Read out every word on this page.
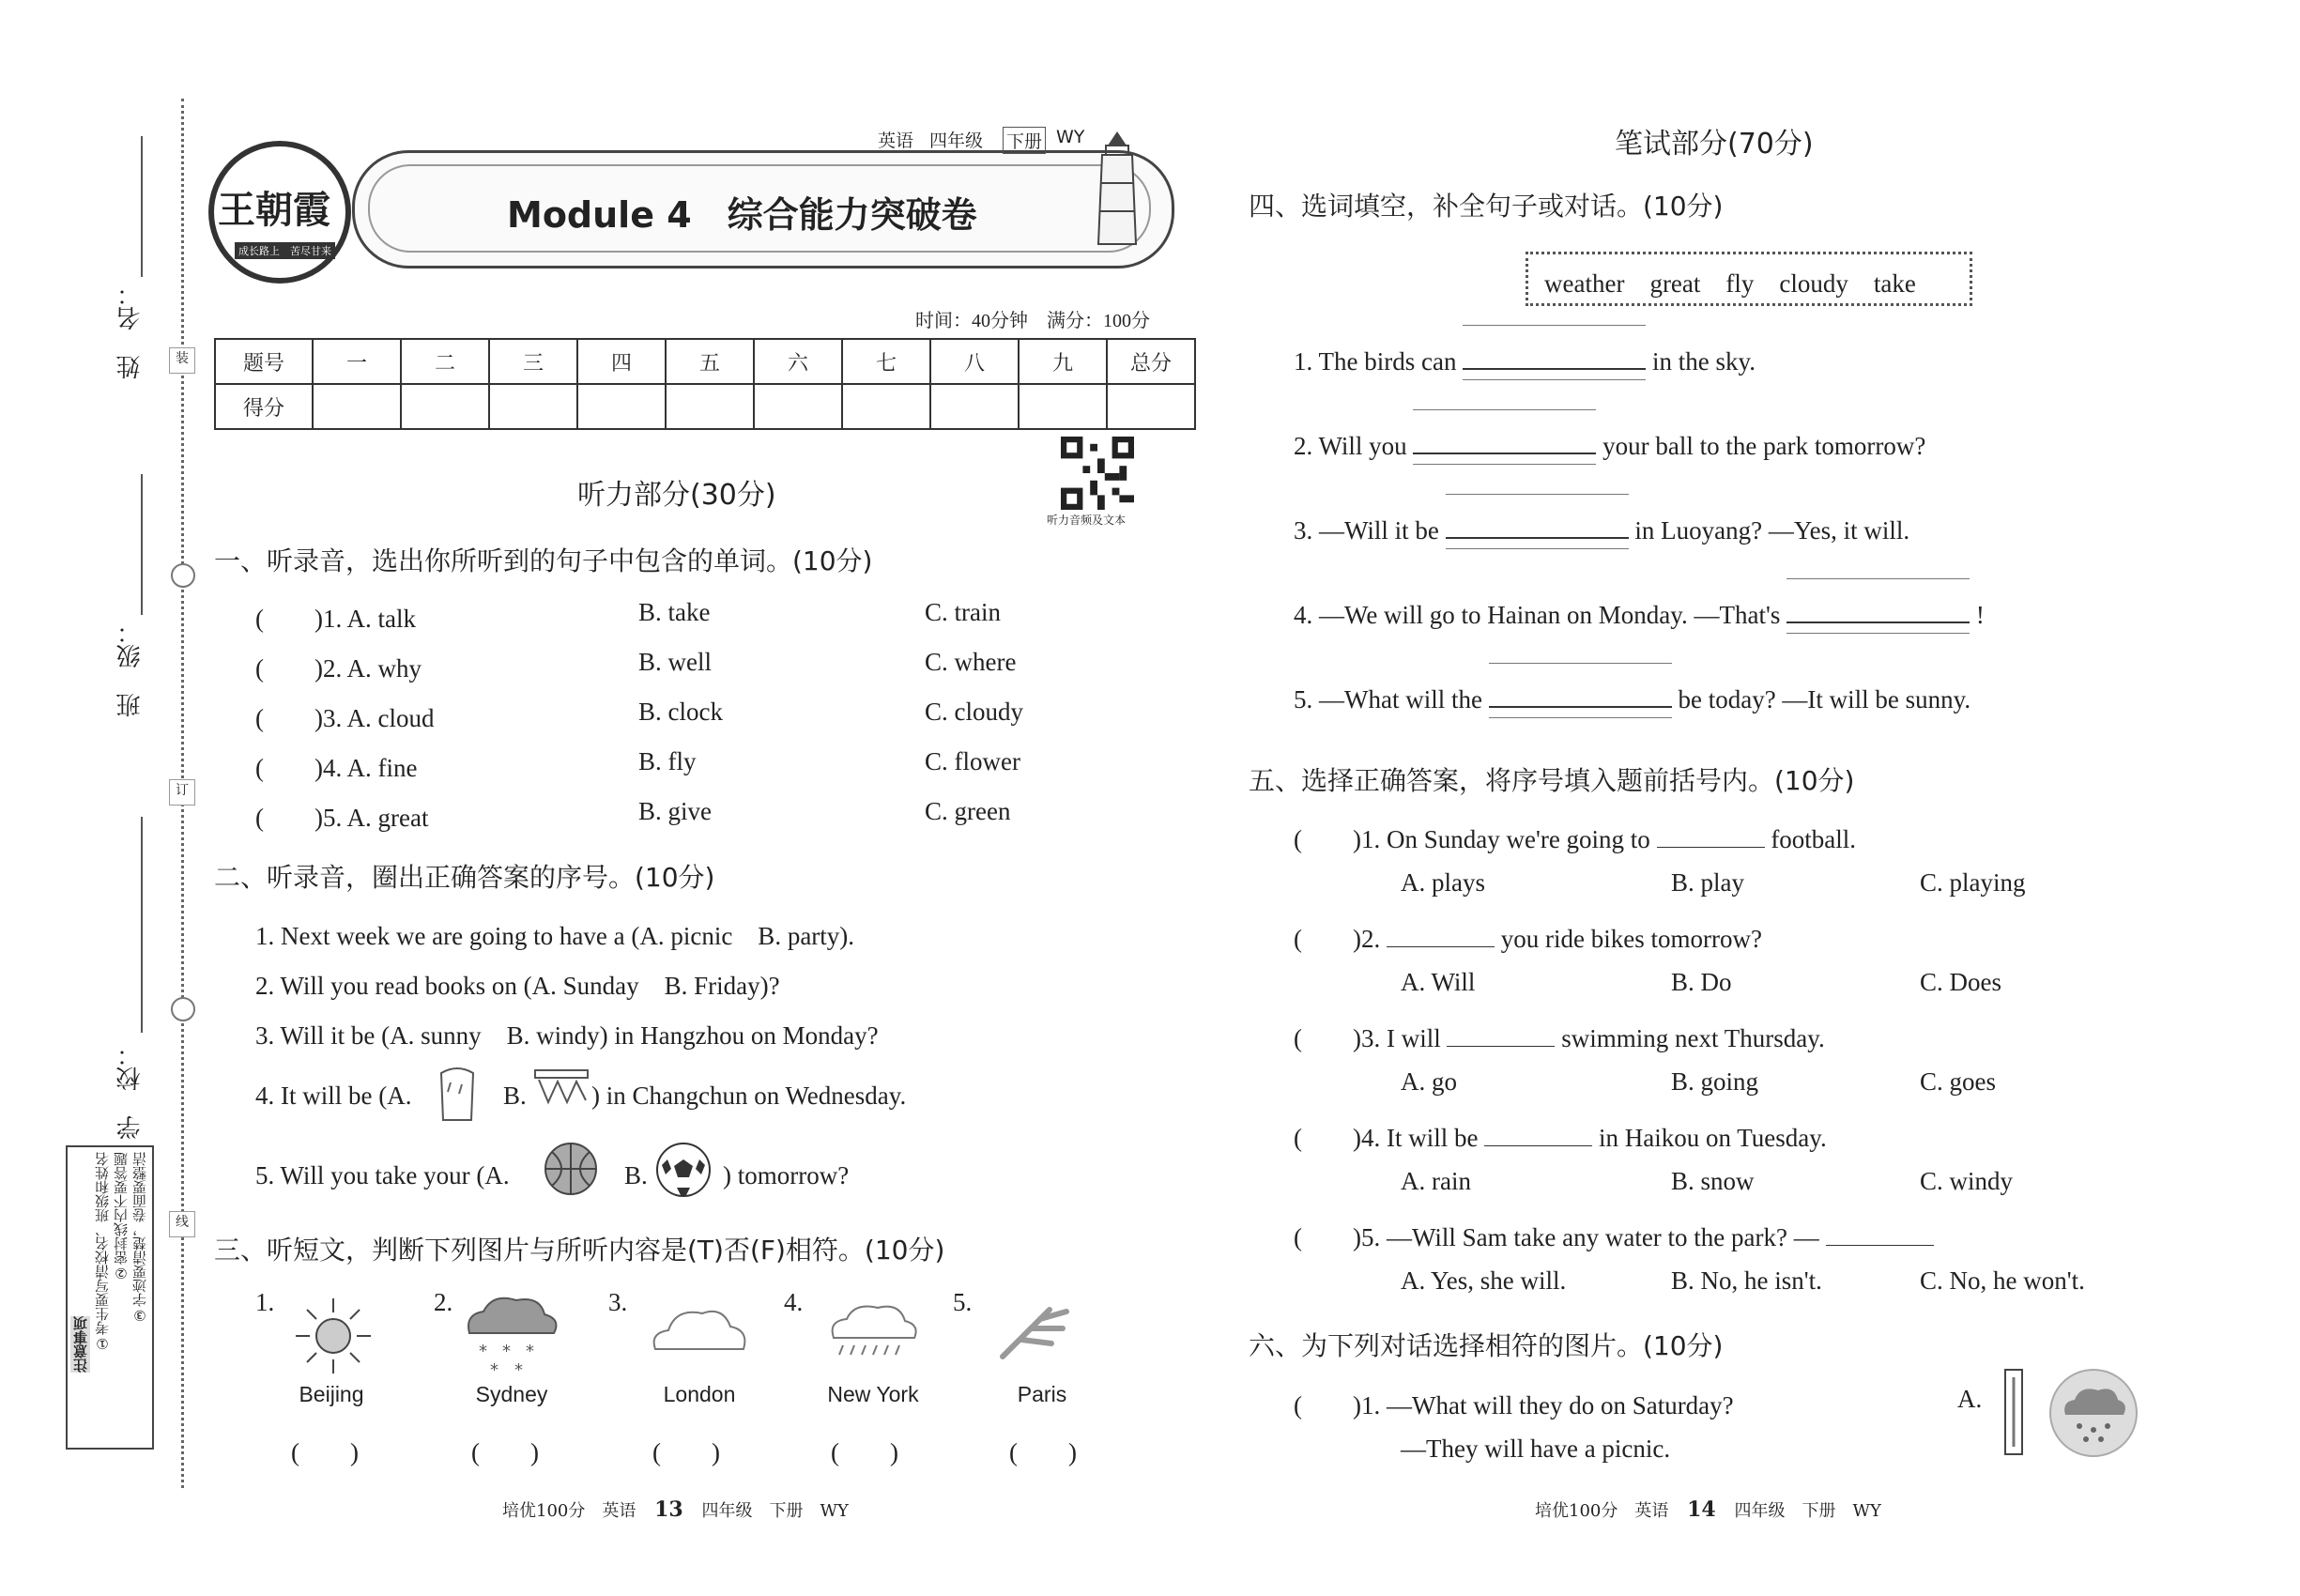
姓　名：
班　级：
学　校：
装
订
线
注意事项 ①考生要写清校名、班级和姓名 ②密封线内不要答题 ③字迹要清楚，卷面要整洁
王朝霞
成长路上　苦尽甘来
英语 四年级 下册 WY
Module 4　综合能力突破卷
时间：40分钟　满分：100分
题号	一	二	三	四	五	六	七	八	九	总分
得分										
听力部分(30分)
听力音频及文本
一、听录音，选出你所听到的句子中包含的单词。(10分)
(　　)1. A. talk	B. take	C. train
(　　)2. A. why	B. well	C. where
(　　)3. A. cloud	B. clock	C. cloudy
(　　)4. A. fine	B. fly	C. flower
(　　)5. A. great	B. give	C. green
二、听录音，圈出正确答案的序号。(10分)
1. Next week we are going to have a (A. picnic　B. party).
2. Will you read books on (A. Sunday　B. Friday)?
3. Will it be (A. sunny　B. windy) in Hangzhou on Monday?
4. It will be (A.	B.	) in Changchun on Wednesday.
5. Will you take your (A.	B.	) tomorrow?
三、听短文，判断下列图片与所听内容是(T)否(F)相符。(10分)
1.
Beijing
(　　)
2.
* * *
* *
Sydney
(　　)
3.
London
(　　)
4.
New York
(　　)
5.
Paris
(　　)
笔试部分(70分)
四、选词填空，补全句子或对话。(10分)
weather　great　fly　cloudy　take
1. The birds can	in the sky.
2. Will you	your ball to the park tomorrow?
3. —Will it be	in Luoyang? —Yes, it will.
4. —We will go to Hainan on Monday. —That's	!
5. —What will the	be today? —It will be sunny.
五、选择正确答案，将序号填入题前括号内。(10分)
(　　)1. On Sunday we're going to	football.
A. plays	B. play	C. playing
(　　)2.	you ride bikes tomorrow?
A. Will	B. Do	C. Does
(　　)3. I will	swimming next Thursday.
A. go	B. going	C. goes
(　　)4. It will be	in Haikou on Tuesday.
A. rain	B. snow	C. windy
(　　)5. —Will Sam take any water to the park? —
A. Yes, she will.	B. No, he isn't.	C. No, he won't.
六、为下列对话选择相符的图片。(10分)
(　　)1. —What will they do on Saturday?
—They will have a picnic.
A.
培优100分　英语 13 四年级　下册　WY	培优100分　英语 14 四年级　下册　WY
